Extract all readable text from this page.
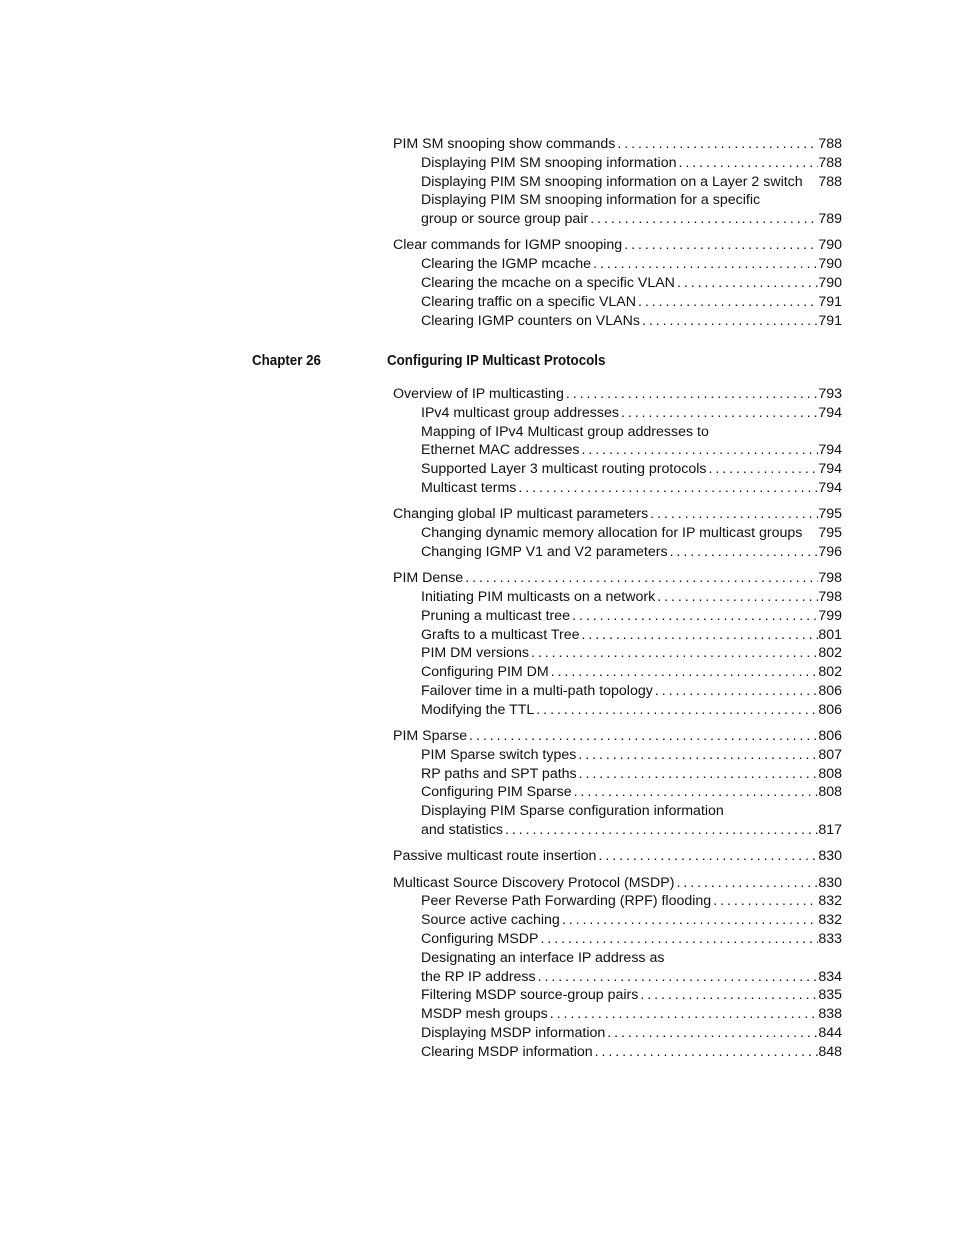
PIM SM snooping show commands . . .	788
Displaying PIM SM snooping information . . .	788
Displaying PIM SM snooping information on a Layer 2 switch 788
Displaying PIM SM snooping information for a specific
group or source group pair . . .	789
Clear commands for IGMP snooping . . .	790
Clearing the IGMP mcache . . .	790
Clearing the mcache on a specific VLAN . . .	790
Clearing traffic on a specific VLAN . . .	791
Clearing IGMP counters on VLANs . . .	791
Chapter 26	Configuring IP Multicast Protocols
Overview of IP multicasting . . .	793
IPv4 multicast group addresses . . .	794
Mapping of IPv4 Multicast group addresses to
Ethernet MAC addresses . . .	794
Supported Layer 3 multicast routing protocols . . .	794
Multicast terms . . .	794
Changing global IP multicast parameters . . .	795
Changing dynamic memory allocation for IP multicast groups 795
Changing IGMP V1 and V2 parameters . . .	796
PIM Dense . . .	798
Initiating PIM multicasts on a network . . .	798
Pruning a multicast tree . . .	799
Grafts to a multicast Tree . . .	801
PIM DM versions . . .	802
Configuring PIM DM . . .	802
Failover time in a multi-path topology . . .	806
Modifying the TTL . . .	806
PIM Sparse . . .	806
PIM Sparse switch types . . .	807
RP paths and SPT paths . . .	808
Configuring PIM Sparse . . .	808
Displaying PIM Sparse configuration information
and statistics . . .	817
Passive multicast route insertion . . .	830
Multicast Source Discovery Protocol (MSDP) . . .	830
Peer Reverse Path Forwarding (RPF) flooding . . .	832
Source active caching . . .	832
Configuring MSDP . . .	833
Designating an interface IP address as
the RP IP address . . .	834
Filtering MSDP source-group pairs . . .	835
MSDP mesh groups . . .	838
Displaying MSDP information . . .	844
Clearing MSDP information . . .	848
